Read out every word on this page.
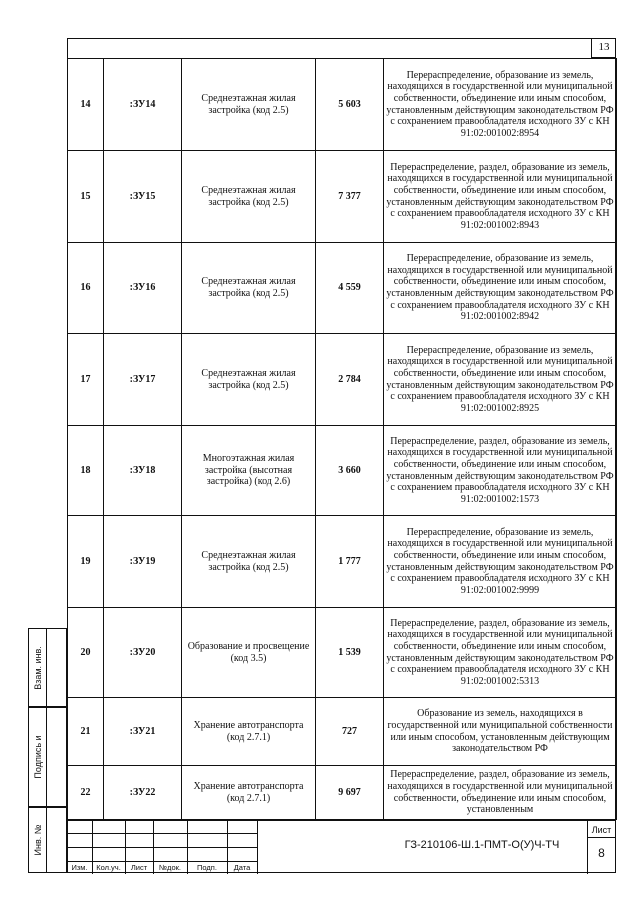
13
14	:ЗУ14	Среднеэтажная жилая застройка (код 2.5)	5 603	Перераспределение, образование из земель, находящихся в государственной или муниципальной собственности, объединение или иным способом, установленным действующим законодательством РФ с сохранением правообладателя исходного ЗУ с КН 91:02:001002:8954
15	:ЗУ15	Среднеэтажная жилая застройка (код 2.5)	7 377	Перераспределение, раздел, образование из земель, находящихся в государственной или муниципальной собственности, объединение или иным способом, установленным действующим законодательством РФ с сохранением правообладателя исходного ЗУ с КН 91:02:001002:8943
16	:ЗУ16	Среднеэтажная жилая застройка (код 2.5)	4 559	Перераспределение, образование из земель, находящихся в государственной или муниципальной собственности, объединение или иным способом, установленным действующим законодательством РФ с сохранением правообладателя исходного ЗУ с КН 91:02:001002:8942
17	:ЗУ17	Среднеэтажная жилая застройка (код 2.5)	2 784	Перераспределение, образование из земель, находящихся в государственной или муниципальной собственности, объединение или иным способом, установленным действующим законодательством РФ с сохранением правообладателя исходного ЗУ с КН 91:02:001002:8925
18	:ЗУ18	Многоэтажная жилая застройка (высотная застройка) (код 2.6)	3 660	Перераспределение, раздел, образование из земель, находящихся в государственной или муниципальной собственности, объединение или иным способом, установленным действующим законодательством РФ с сохранением правообладателя исходного ЗУ с КН 91:02:001002:1573
19	:ЗУ19	Среднеэтажная жилая застройка (код 2.5)	1 777	Перераспределение, образование из земель, находящихся в государственной или муниципальной собственности, объединение или иным способом, установленным действующим законодательством РФ с сохранением правообладателя исходного ЗУ с КН 91:02:001002:9999
20	:ЗУ20	Образование и просвещение (код 3.5)	1 539	Перераспределение, раздел, образование из земель, находящихся в государственной или муниципальной собственности, объединение или иным способом, установленным действующим законодательством РФ с сохранением правообладателя исходного ЗУ с КН 91:02:001002:5313
21	:ЗУ21	Хранение автотранспорта (код 2.7.1)	727	Образование из земель, находящихся в государственной или муниципальной собственности или иным способом, установленным действующим законодательством РФ
22	:ЗУ22	Хранение автотранспорта (код 2.7.1)	9 697	Перераспределение, раздел, образование из земель, находящихся в государственной или муниципальной собственности, объединение или иным способом, установленным
Взам. инв.
Подпись и
Инв. №
Изм.	Кол.уч.	Лист	№док.	Подп.	Дата
ГЗ-210106-Ш.1-ПМТ-О(У)Ч-ТЧ
Лист
8
